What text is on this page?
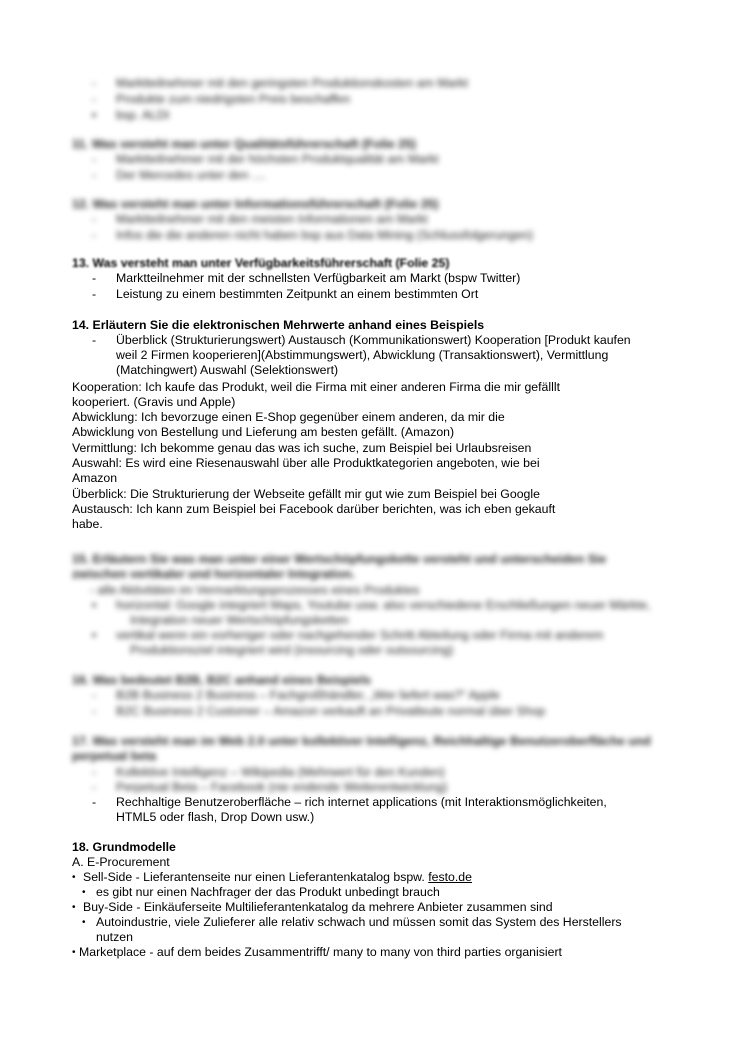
- Marktteilnehmer mit den geringsten Produktionskosten am Markt
- Produkte zum niedrigsten Preis beschaffen
▪ bsp. ALDI
11. Was versteht man unter Qualitätsführerschaft (Folie 25)
- Marktteilnehmer mit der höchsten Produktqualität am Markt
- Der Mercedes unter den ....
12. Was versteht man unter Informationsführerschaft (Folie 25)
- Marktteilnehmer mit den meisten Informationen am Markt
- Infos die die anderen nicht haben bsp aus Data Mining (Schlussfolgerungen)
13. Was versteht man unter Verfügbarkeitsführerschaft (Folie 25)
- Marktteilnehmer mit der schnellsten Verfügbarkeit am Markt (bspw Twitter)
- Leistung zu einem bestimmten Zeitpunkt an einem bestimmten Ort
14. Erläutern Sie die elektronischen Mehrwerte anhand eines Beispiels
- Überblick (Strukturierungswert) Austausch (Kommunikationswert) Kooperation [Produkt kaufen
weil 2 Firmen kooperieren](Abstimmungswert), Abwicklung (Transaktionswert), Vermittlung
(Matchingwert) Auswahl (Selektionswert)
Kooperation: Ich kaufe das Produkt, weil die Firma mit einer anderen Firma die mir gefälllt
kooperiert. (Gravis und Apple)
Abwicklung: Ich bevorzuge einen E-Shop gegenüber einem anderen, da mir die
Abwicklung von Bestellung und Lieferung am besten gefällt. (Amazon)
Vermittlung: Ich bekomme genau das was ich suche, zum Beispiel bei Urlaubsreisen
Auswahl: Es wird eine Riesenauswahl über alle Produktkategorien angeboten, wie bei
Amazon
Überblick: Die Strukturierung der Webseite gefällt mir gut wie zum Beispiel bei Google
Austausch: Ich kann zum Beispiel bei Facebook darüber berichten, was ich eben gekauft
habe.
15. Erläutern Sie was man unter einer Wertschöpfungskette versteht und unterscheiden Sie
zwischen vertikaler und horizontaler Integration.
- alle Aktivitäten im Vermarktungsprozesses eines Produktes
▪ horizontal: Google integriert Maps, Youtube usw. also verschiedene Erschließungen neuer Märkte,
Integration neuer Wertschöpfungsketten
▪ vertikal wenn ein vorheriger oder nachgehender Schritt Abteilung oder Firma mit anderem
Produktionsziel integriert wird (insourcing oder outsourcing)
16. Was bedeutet B2B, B2C anhand eines Beispiels
- B2B Business 2 Business – Fachgroßhändler, „Wer liefert was?“ Apple
- B2C Business 2 Customer – Amazon verkauft an Privatleute normal über Shop
17. Was versteht man im Web 2.0 unter kollektiver Intelligenz, Reichhaltige Benutzeroberfläche und
perpetual beta
- Kollektive Intelligenz – Wikipedia (Mehrwert für den Kunden)
- Perpetual Beta – Facebook (nie endende Weiterentwicklung)
- Rechhaltige Benutzeroberfläche – rich internet applications (mit Interaktionsmöglichkeiten,
HTML5 oder flash, Drop Down usw.)
18. Grundmodelle
A. E-Procurement
• Sell-Side - Lieferantenseite nur einen Lieferantenkatalog bspw. festo.de
• es gibt nur einen Nachfrager der das Produkt unbedingt brauch
• Buy-Side - Einkäuferseite Multilieferantenkatalog da mehrere Anbieter zusammen sind
• Autoindustrie, viele Zulieferer alle relativ schwach und müssen somit das System des Herstellers
nutzen
• Marketplace - auf dem beides Zusammentrifft/ many to many von third parties organisiert
